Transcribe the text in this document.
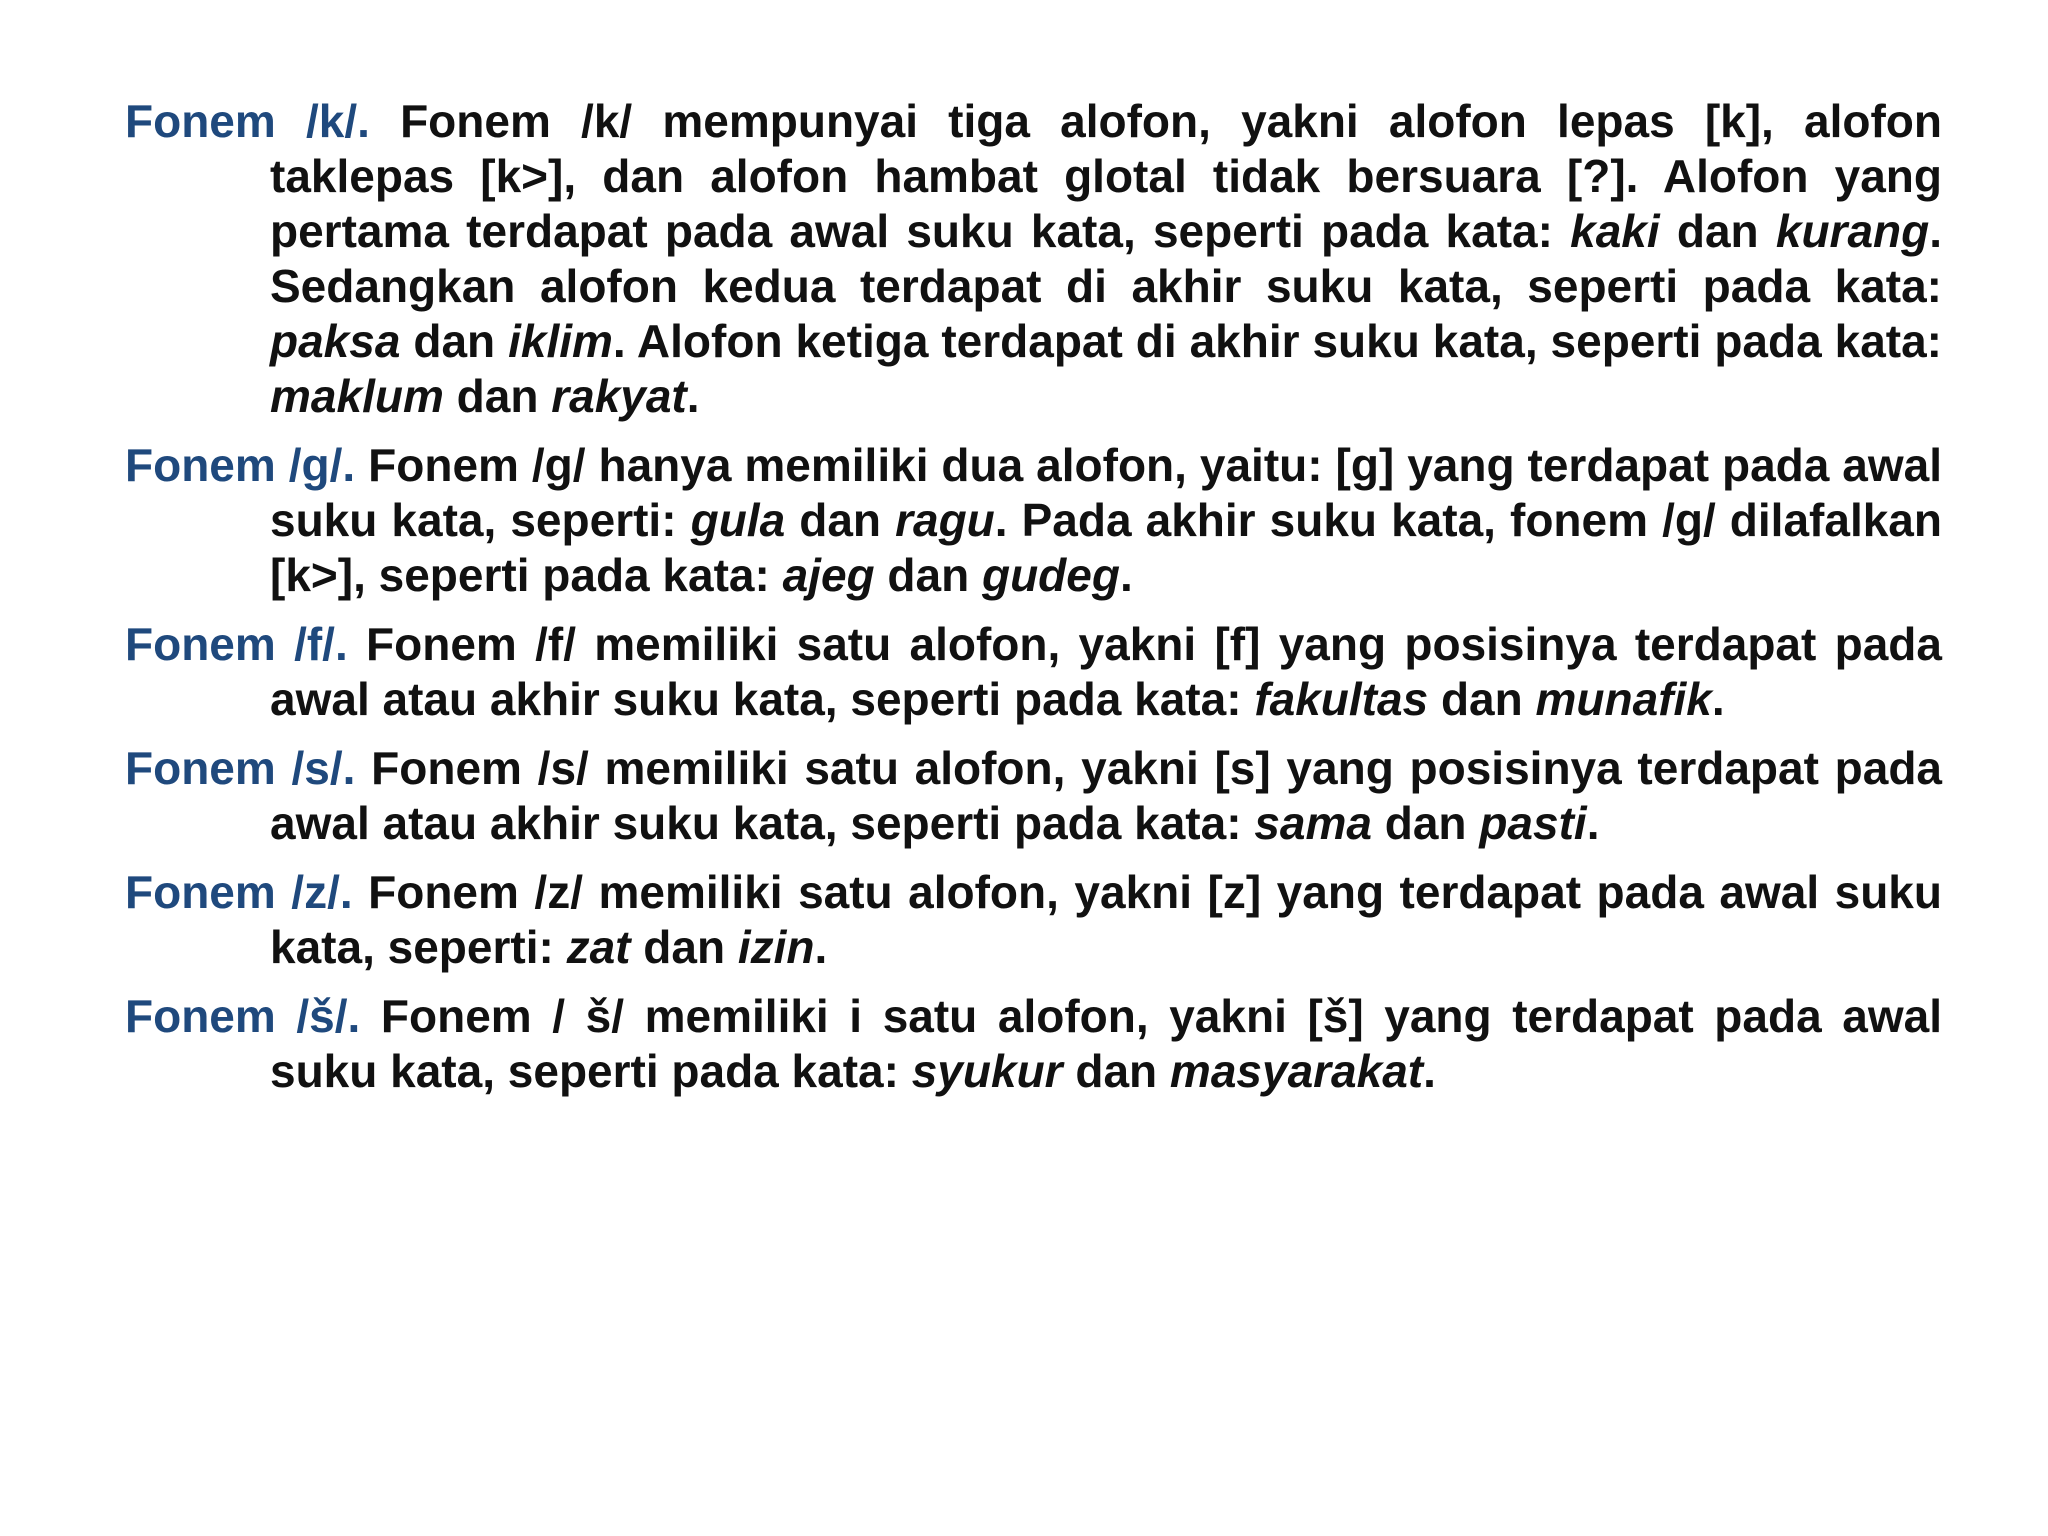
Fonem /k/. Fonem /k/ mempunyai tiga alofon, yakni alofon lepas [k], alofon taklepas [k>], dan alofon hambat glotal tidak bersuara [?]. Alofon yang pertama terdapat pada awal suku kata, seperti pada kata: kaki dan kurang. Sedangkan alofon kedua terdapat di akhir suku kata, seperti pada kata: paksa dan iklim. Alofon ketiga terdapat di akhir suku kata, seperti pada kata: maklum dan rakyat.

Fonem /g/. Fonem /g/ hanya memiliki dua alofon, yaitu: [g] yang terdapat pada awal suku kata, seperti: gula dan ragu. Pada akhir suku kata, fonem /g/ dilafalkan [k>], seperti pada kata: ajeg dan gudeg.

Fonem /f/. Fonem /f/ memiliki satu alofon, yakni [f] yang posisinya terdapat pada awal atau akhir suku kata, seperti pada kata: fakultas dan munafik.

Fonem /s/. Fonem /s/ memiliki satu alofon, yakni [s] yang posisinya terdapat pada awal atau akhir suku kata, seperti pada kata: sama dan pasti.

Fonem /z/. Fonem /z/ memiliki satu alofon, yakni [z] yang terdapat pada awal suku kata, seperti: zat dan izin.

Fonem /š/. Fonem / š/ memiliki i satu alofon, yakni [š] yang terdapat pada awal suku kata, seperti pada kata: syukur dan masyarakat.
